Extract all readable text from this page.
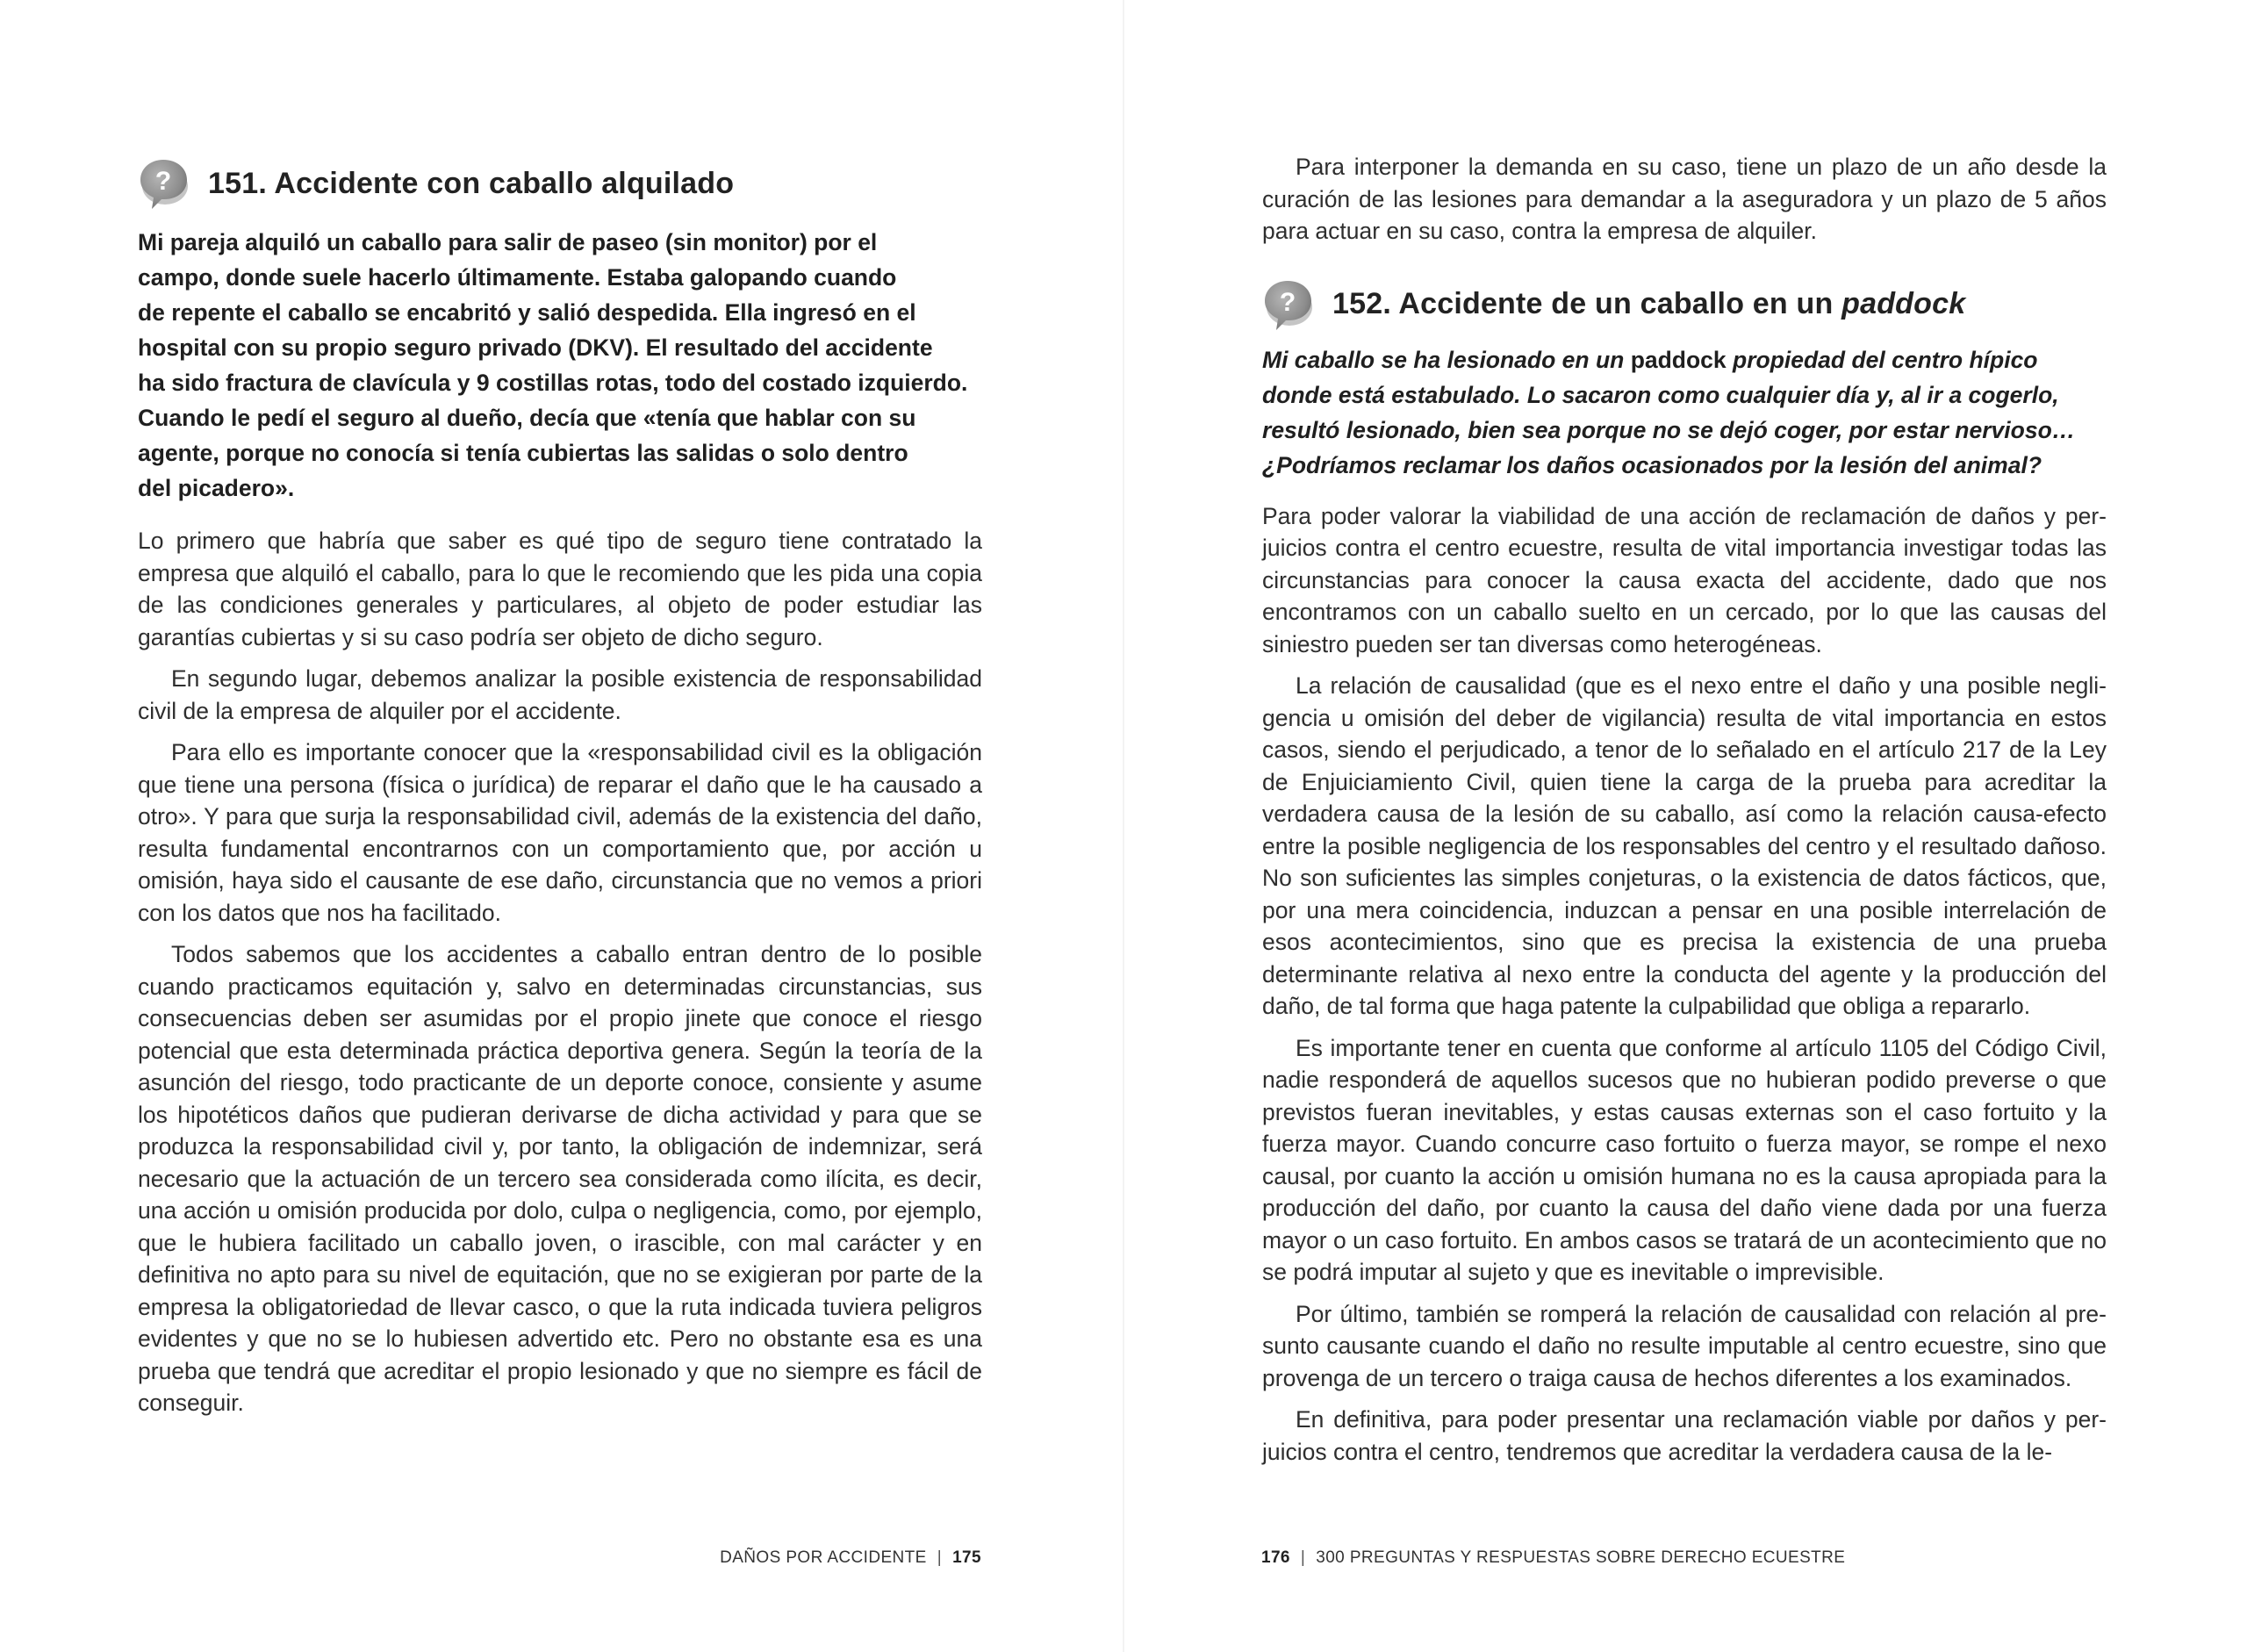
? 151. Accidente con caballo alquilado
Mi pareja alquiló un caballo para salir de paseo (sin monitor) por el
campo, donde suele hacerlo últimamente. Estaba galopando cuando
de repente el caballo se encabritó y salió despedida. Ella ingresó en el
hospital con su propio seguro privado (DKV). El resultado del accidente
ha sido fractura de clavícula y 9 costillas rotas, todo del costado izquierdo.
Cuando le pedí el seguro al dueño, decía que «tenía que hablar con su
agente, porque no conocía si tenía cubiertas las salidas o solo dentro
del picadero».

Lo primero que habría que saber es qué tipo de seguro tiene contratado la empresa que alquiló el caballo, para lo que le recomiendo que les pida una copia de las condiciones generales y particulares, al objeto de poder estudiar las garantías cubiertas y si su caso podría ser objeto de dicho seguro.

En segundo lugar, debemos analizar la posible existencia de responsabilidad civil de la empresa de alquiler por el accidente.

Para ello es importante conocer que la «responsabilidad civil es la obligación que tiene una persona (física o jurídica) de reparar el daño que le ha causado a otro». Y para que surja la responsabilidad civil, además de la existencia del daño, resulta fundamental encontrarnos con un comportamiento que, por acción u omisión, haya sido el causante de ese daño, circunstancia que no vemos a priori con los datos que nos ha facilitado.

Todos sabemos que los accidentes a caballo entran dentro de lo posible cuando practicamos equitación y, salvo en determinadas circunstancias, sus consecuencias deben ser asumidas por el propio jinete que conoce el riesgo potencial que esta determinada práctica deportiva genera. Según la teoría de la asunción del riesgo, todo practicante de un deporte conoce, consiente y asume los hipotéticos daños que pudieran derivarse de dicha actividad y para que se produzca la responsabilidad civil y, por tanto, la obligación de indemnizar, será necesario que la actuación de un tercero sea considerada como ilícita, es decir, una acción u omisión producida por dolo, culpa o negligencia, como, por ejemplo, que le hubiera facilitado un caballo joven, o irascible, con mal carácter y en definitiva no apto para su nivel de equitación, que no se exigieran por parte de la empresa la obligatoriedad de llevar casco, o que la ruta indicada tuviera peligros evidentes y que no se lo hubiesen advertido etc. Pero no obstante esa es una prueba que tendrá que acreditar el propio lesionado y que no siempre es fácil de conseguir.

DAÑOS POR ACCIDENTE | 175

Para interponer la demanda en su caso, tiene un plazo de un año desde la curación de las lesiones para demandar a la aseguradora y un plazo de 5 años para actuar en su caso, contra la empresa de alquiler.

? 152. Accidente de un caballo en un paddock

Mi caballo se ha lesionado en un paddock propiedad del centro hípico donde está estabulado. Lo sacaron como cualquier día y, al ir a cogerlo, resultó lesionado, bien sea porque no se dejó coger, por estar nervioso… ¿Podríamos reclamar los daños ocasionados por la lesión del animal?

Para poder valorar la viabilidad de una acción de reclamación de daños y perjuicios contra el centro ecuestre, resulta de vital importancia investigar todas las circunstancias para conocer la causa exacta del accidente, dado que nos encontramos con un caballo suelto en un cercado, por lo que las causas del siniestro pueden ser tan diversas como heterogéneas.

La relación de causalidad (que es el nexo entre el daño y una posible negligencia u omisión del deber de vigilancia) resulta de vital importancia en estos casos, siendo el perjudicado, a tenor de lo señalado en el artículo 217 de la Ley de Enjuiciamiento Civil, quien tiene la carga de la prueba para acreditar la verdadera causa de la lesión de su caballo, así como la relación causa-efecto entre la posible negligencia de los responsables del centro y el resultado dañoso. No son suficientes las simples conjeturas, o la existencia de datos fácticos, que, por una mera coincidencia, induzcan a pensar en una posible interrelación de esos acontecimientos, sino que es precisa la existencia de una prueba determinante relativa al nexo entre la conducta del agente y la producción del daño, de tal forma que haga patente la culpabilidad que obliga a repararlo.

Es importante tener en cuenta que conforme al artículo 1105 del Código Civil, nadie responderá de aquellos sucesos que no hubieran podido preverse o que previstos fueran inevitables, y estas causas externas son el caso fortuito y la fuerza mayor. Cuando concurre caso fortuito o fuerza mayor, se rompe el nexo causal, por cuanto la acción u omisión humana no es la causa apropiada para la producción del daño, por cuanto la causa del daño viene dada por una fuerza mayor o un caso fortuito. En ambos casos se tratará de un acontecimiento que no se podrá imputar al sujeto y que es inevitable o imprevisible.

Por último, también se romperá la relación de causalidad con relación al presunto causante cuando el daño no resulte imputable al centro ecuestre, sino que provenga de un tercero o traiga causa de hechos diferentes a los examinados.

En definitiva, para poder presentar una reclamación viable por daños y perjuicios contra el centro, tendremos que acreditar la verdadera causa de la le-

176 | 300 PREGUNTAS Y RESPUESTAS SOBRE DERECHO ECUESTRE
